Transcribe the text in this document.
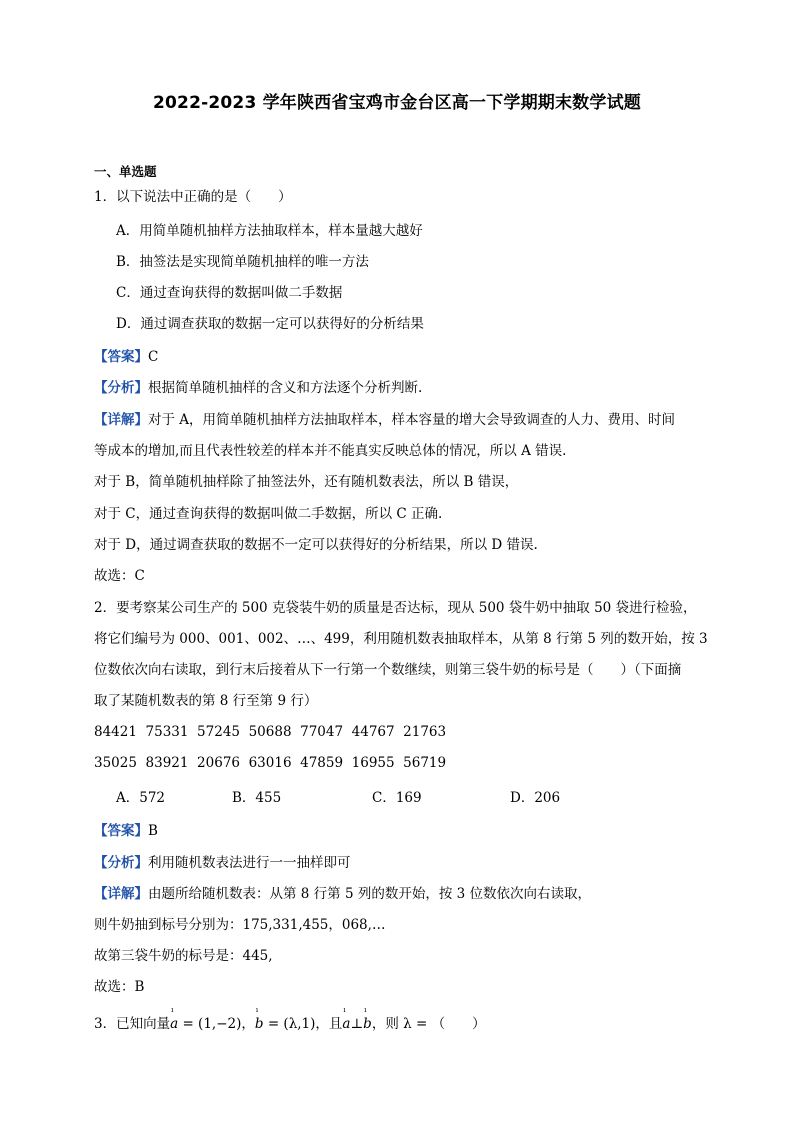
2022-2023 学年陕西省宝鸡市金台区高一下学期期末数学试题
一、单选题
1．以下说法中正确的是（　　）
A．用简单随机抽样方法抽取样本，样本量越大越好
B．抽签法是实现简单随机抽样的唯一方法
C．通过查询获得的数据叫做二手数据
D．通过调查获取的数据一定可以获得好的分析结果
【答案】C
【分析】根据简单随机抽样的含义和方法逐个分析判断.
【详解】对于 A，用简单随机抽样方法抽取样本，样本容量的增大会导致调查的人力、费用、时间
等成本的增加,而且代表性较差的样本并不能真实反映总体的情况，所以 A 错误.
对于 B，简单随机抽样除了抽签法外，还有随机数表法，所以 B 错误，
对于 C，通过查询获得的数据叫做二手数据，所以 C 正确.
对于 D，通过调查获取的数据不一定可以获得好的分析结果，所以 D 错误.
故选：C
2．要考察某公司生产的 500 克袋装牛奶的质量是否达标，现从 500 袋牛奶中抽取 50 袋进行检验，
将它们编号为 000、001、002、…、499，利用随机数表抽取样本，从第 8 行第 5 列的数开始，按 3
位数依次向右读取，到行末后接着从下一行第一个数继续，则第三袋牛奶的标号是（　　）（下面摘
取了某随机数表的第 8 行至第 9 行）
84421  75331  57245  50688  77047  44767  21763
35025  83921  20676  63016  47859  16955  56719
A．572	B．455	C．169	D．206
【答案】B
【分析】利用随机数表法进行一一抽样即可
【详解】由题所给随机数表：从第 8 行第 5 列的数开始，按 3 位数依次向右读取，
则牛奶抽到标号分别为：175,331,455，068,…
故第三袋牛奶的标号是：445,
故选：B
3．已知向量
ı
a = (1,−2)，
ı
b = (λ,1)，且
ı
a⊥
ı
b，则 λ = （　　）
